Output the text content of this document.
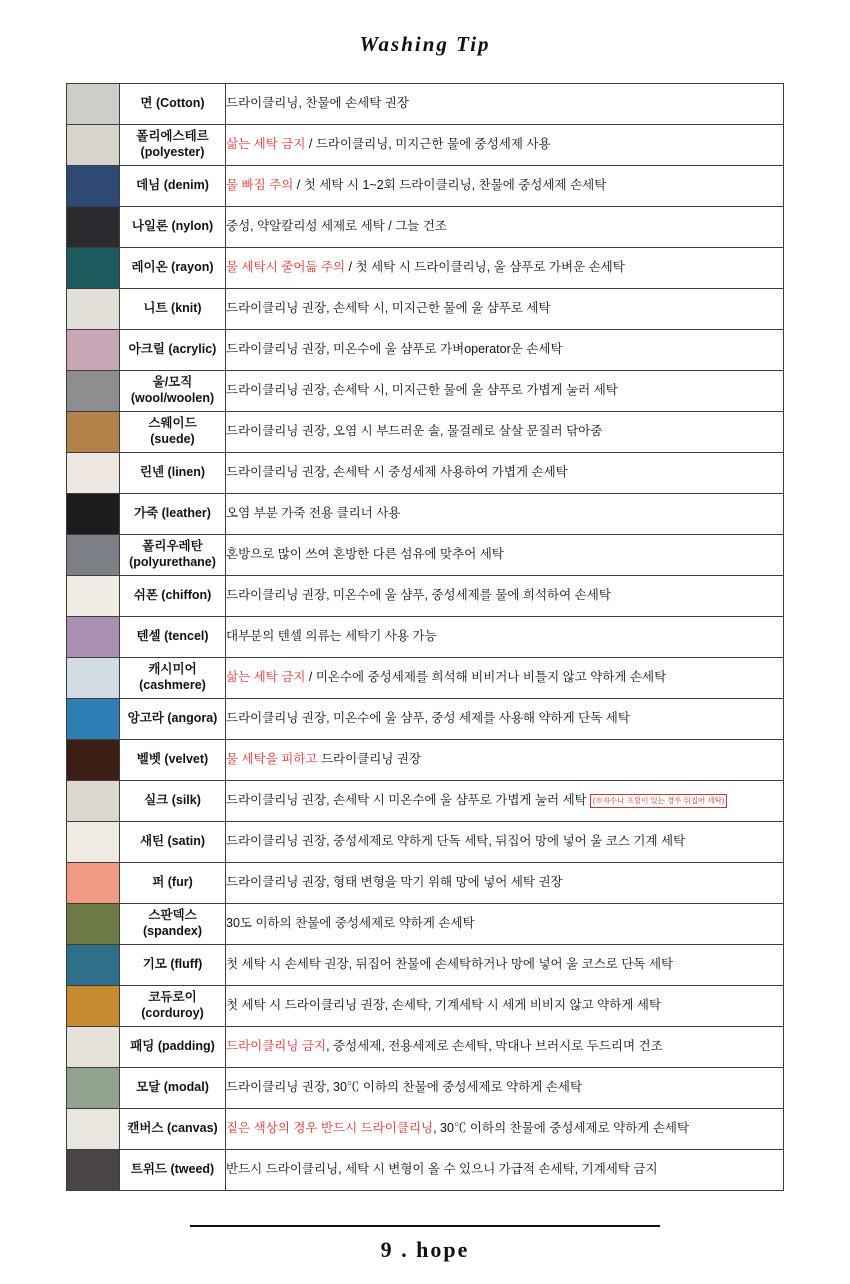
Washing Tip
	면 (Cotton)	드라이클리닝, 찬물에 손세탁 권장

	폴리에스테르
(polyester)	삶는 세탁 금지 / 드라이클리닝, 미지근한 물에 중성세제 사용

	데님 (denim)	물 빠짐 주의 / 첫 세탁 시 1~2회 드라이클리닝, 찬물에 중성세제 손세탁

	나일론 (nylon)	중성, 약알칼리성 세제로 세탁 / 그늘 건조

	레이온 (rayon)	물 세탁시 줄어듦 주의 / 첫 세탁 시 드라이클리닝, 울 샴푸로 가벼운 손세탁

	니트 (knit)	드라이클리닝 권장, 손세탁 시, 미지근한 물에 울 샴푸로 세탁

	아크릴 (acrylic)	드라이클리닝 권장, 미온수에 울 샴푸로 가벼operator운 손세탁

	울/모직
(wool/woolen)	드라이클리닝 권장, 손세탁 시, 미지근한 물에 울 샴푸로 가볍게 눌러 세탁

	스웨이드
(suede)	드라이클리닝 권장, 오염 시 부드러운 솔, 물걸레로 살살 문질러 닦아줌

	린넨 (linen)	드라이클리닝 권장, 손세탁 시 중성세제 사용하여 가볍게 손세탁

	가죽 (leather)	오염 부분 가죽 전용 클리너 사용

	폴리우레탄
(polyurethane)	혼방으로 많이 쓰여 혼방한 다른 섬유에 맞추어 세탁

	쉬폰 (chiffon)	드라이클리닝 권장, 미온수에 울 샴푸, 중성세제를 물에 희석하여 손세탁

	텐셀 (tencel)	대부분의 텐셀 의류는 세탁기 사용 가능

	캐시미어
(cashmere)	삶는 세탁 금지 / 미온수에 중성세제를 희석해 비비거나 비틀지 않고 약하게 손세탁

	앙고라 (angora)	드라이클리닝 권장, 미온수에 울 샴푸, 중성 세제를 사용해 약하게 단독 세탁

	벨벳 (velvet)	물 세탁을 피하고 드라이클리닝 권장

	실크 (silk)	드라이클리닝 권장, 손세탁 시 미온수에 울 샴푸로 가볍게 눌러 세탁 (※자수나 프릴이 있는 경우 뒤집어 세탁)

	새틴 (satin)	드라이클리닝 권장, 중성세제로 약하게 단독 세탁, 뒤집어 망에 넣어 울 코스 기계 세탁

	퍼 (fur)	드라이클리닝 권장, 형태 변형을 막기 위해 망에 넣어 세탁 권장

	스판덱스
(spandex)	30도 이하의 찬물에 중성세제로 약하게 손세탁

	기모 (fluff)	첫 세탁 시 손세탁 권장, 뒤집어 찬물에 손세탁하거나 망에 넣어 울 코스로 단독 세탁

	코듀로이
(corduroy)	첫 세탁 시 드라이클리닝 권장, 손세탁, 기계세탁 시 세게 비비지 않고 약하게 세탁

	패딩 (padding)	드라이클리닝 금지, 중성세제, 전용세제로 손세탁, 막대나 브러시로 두드리며 건조

	모달 (modal)	드라이클리닝 권장, 30℃ 이하의 찬물에 중성세제로 약하게 손세탁

	캔버스 (canvas)	짙은 색상의 경우 반드시 드라이클리닝, 30℃ 이하의 찬물에 중성세제로 약하게 손세탁

	트위드 (tweed)	반드시 드라이클리닝, 세탁 시 변형이 올 수 있으니 가급적 손세탁, 기계세탁 금지
9 . hope
